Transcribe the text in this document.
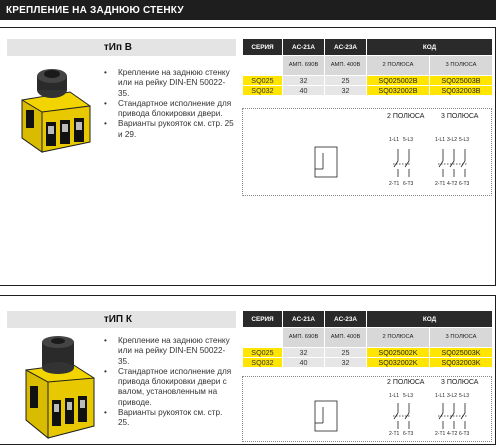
КРЕПЛЕНИЕ НА ЗАДНЮЮ СТЕНКУ
тИп В
• Крепление на заднюю стенку или на рейку DIN-EN 50022-35.
• Стандартное исполнение для привода блокировки двери.
• Варианты рукояток см. стр. 25 и 29.
СЕРИЯ	AC-21A	AC-23A	КОД	
	АМП. 690В	АМП. 400В	2 ПОЛЮСА	3 ПОЛЮСА
SQ025	32	25	SQ025002B	SQ025003B
SQ032	40	32	SQ032002B	SQ032003B
2 ПОЛЮСА 3 ПОЛЮСА
1-L1 5-L3
2-T1 6-T3
1-L1 3-L2 5-L3
2-T1 4-T2 6-T3
тИП К
• Крепление на заднюю стенку или на рейку DIN-EN 50022-35.
• Стандартное исполнение для привода блокировки двери с валом, установленным на приводе.
• Варианты рукояток см. стр. 25.
СЕРИЯ	AC-21A	AC-23A	КОД	
	АМП. 690В	АМП. 400В	2 ПОЛЮСА	3 ПОЛЮСА
SQ025	32	25	SQ025002K	SQ025003K
SQ032	40	32	SQ032002K	SQ032003K
2 ПОЛЮСА 3 ПОЛЮСА
1-L1 5-L3
2-T1 6-T3
1-L1 3-L2 5-L3
2-T1 4-T2 6-T3
